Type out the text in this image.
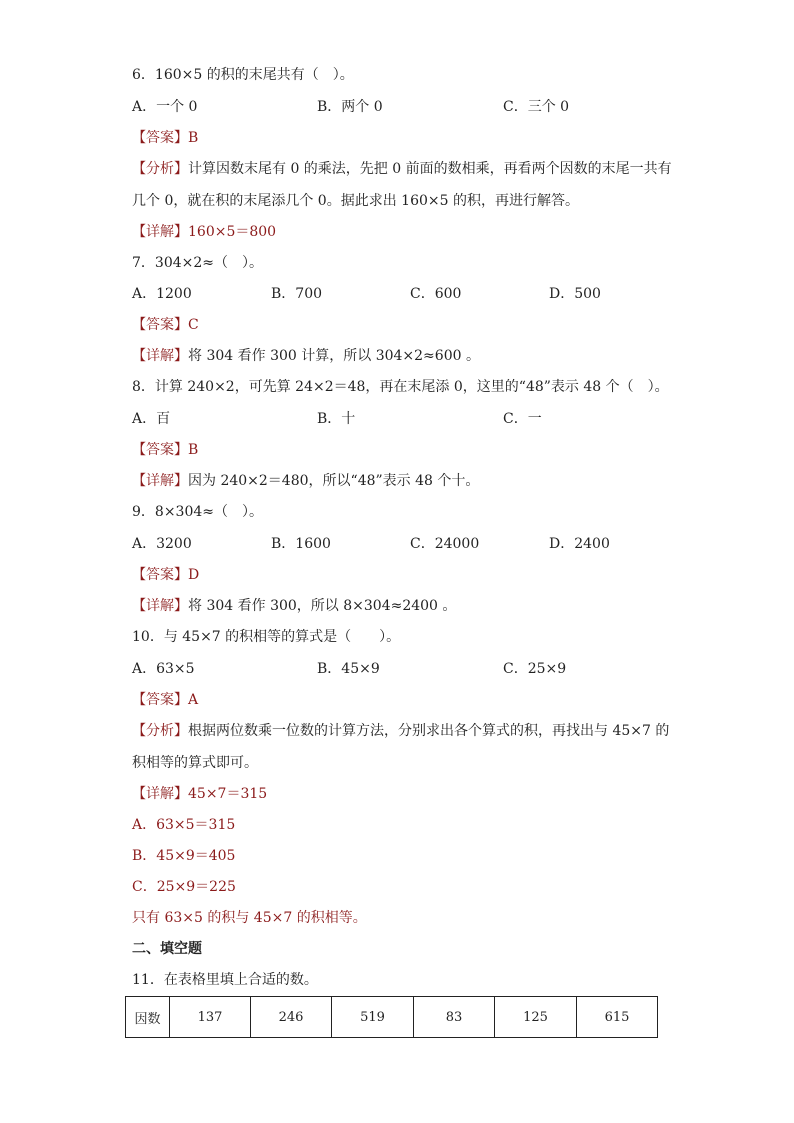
6．160×5 的积的末尾共有（　）。
A．一个 0	B．两个 0	C．三个 0
【答案】B
【分析】计算因数末尾有 0 的乘法，先把 0 前面的数相乘，再看两个因数的末尾一共有
几个 0，就在积的末尾添几个 0。据此求出 160×5 的积，再进行解答。
【详解】160×5＝800
7．304×2≈（　）。
A．1200	B．700	C．600	D．500
【答案】C
【详解】将 304 看作 300 计算，所以 304×2≈600 。
8．计算 240×2，可先算 24×2＝48，再在末尾添 0，这里的“48”表示 48 个（　）。
A．百	B．十	C．一
【答案】B
【详解】因为 240×2＝480，所以“48”表示 48 个十。
9．8×304≈（　）。
A．3200	B．1600	C．24000	D．2400
【答案】D
【详解】将 304 看作 300，所以 8×304≈2400 。
10．与 45×7 的积相等的算式是（　　）。
A．63×5	B．45×9	C．25×9
【答案】A
【分析】根据两位数乘一位数的计算方法，分别求出各个算式的积，再找出与 45×7 的
积相等的算式即可。
【详解】45×7＝315
A．63×5＝315
B．45×9＝405
C．25×9＝225
只有 63×5 的积与 45×7 的积相等。
二、填空题
11．在表格里填上合适的数。
因数	137	246	519	83	125	615
